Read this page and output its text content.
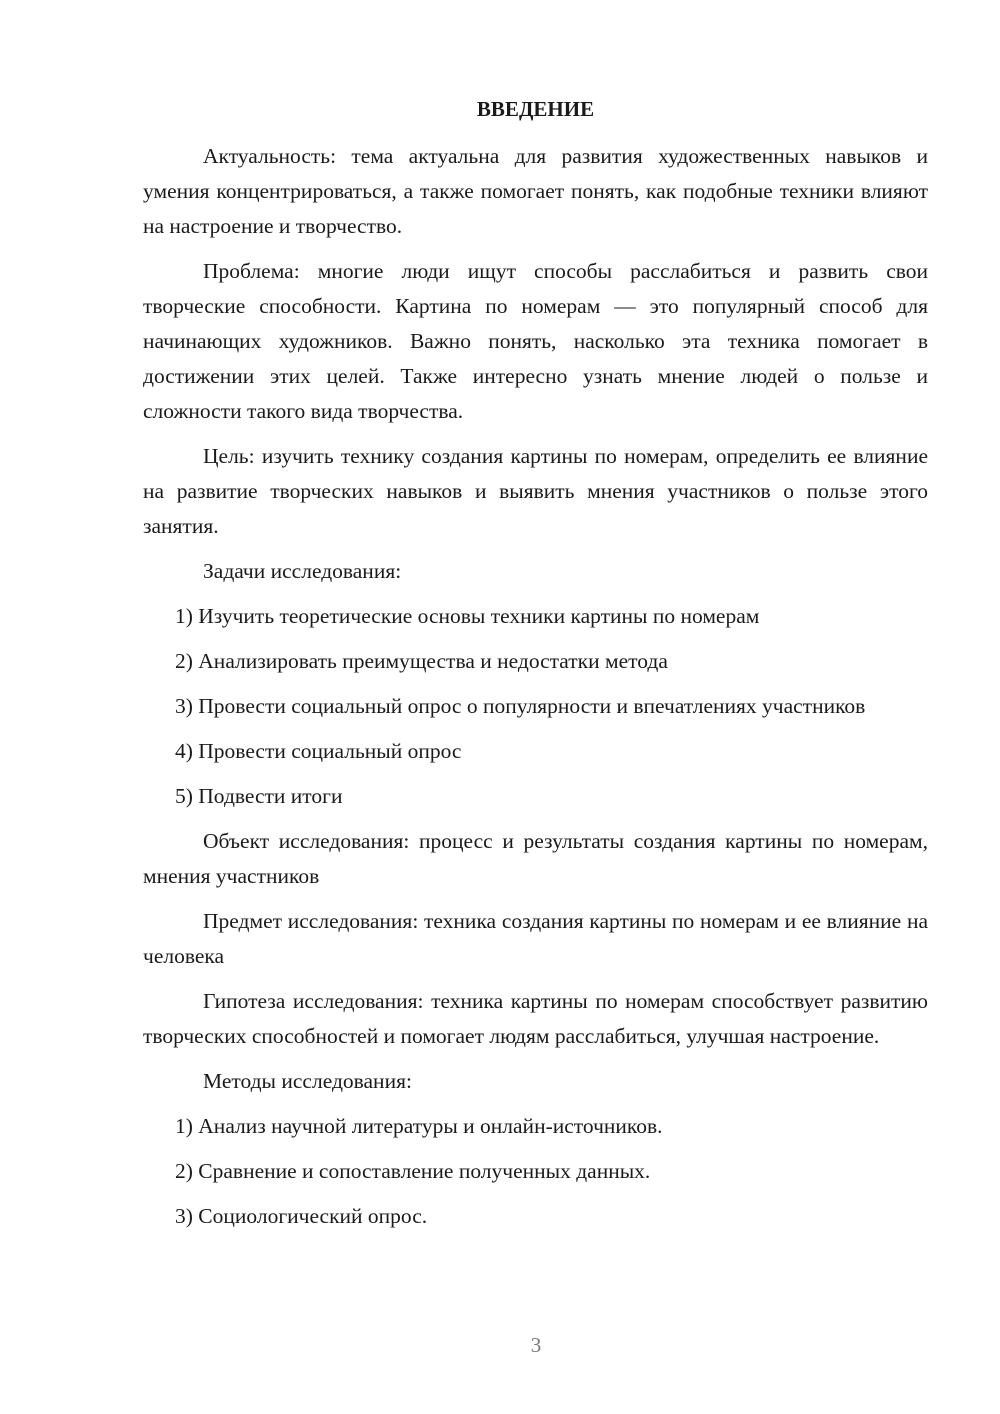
ВВЕДЕНИЕ

Актуальность: тема актуальна для развития художественных навыков и умения концентрироваться, а также помогает понять, как подобные техники влияют на настроение и творчество.

Проблема: многие люди ищут способы расслабиться и развить свои творческие способности. Картина по номерам — это популярный способ для начинающих художников. Важно понять, насколько эта техника помогает в достижении этих целей. Также интересно узнать мнение людей о пользе и сложности такого вида творчества.

Цель: изучить технику создания картины по номерам, определить ее влияние на развитие творческих навыков и выявить мнения участников о пользе этого занятия.

Задачи исследования:

1) Изучить теоретические основы техники картины по номерам

2) Анализировать преимущества и недостатки метода

3) Провести социальный опрос о популярности и впечатлениях участников

4) Провести социальный опрос

5) Подвести итоги

Объект исследования: процесс и результаты создания картины по номерам, мнения участников

Предмет исследования: техника создания картины по номерам и ее влияние на человека

Гипотеза исследования: техника картины по номерам способствует развитию творческих способностей и помогает людям расслабиться, улучшая настроение.

Методы исследования:

1) Анализ научной литературы и онлайн-источников.

2) Сравнение и сопоставление полученных данных.

3) Социологический опрос.

3
